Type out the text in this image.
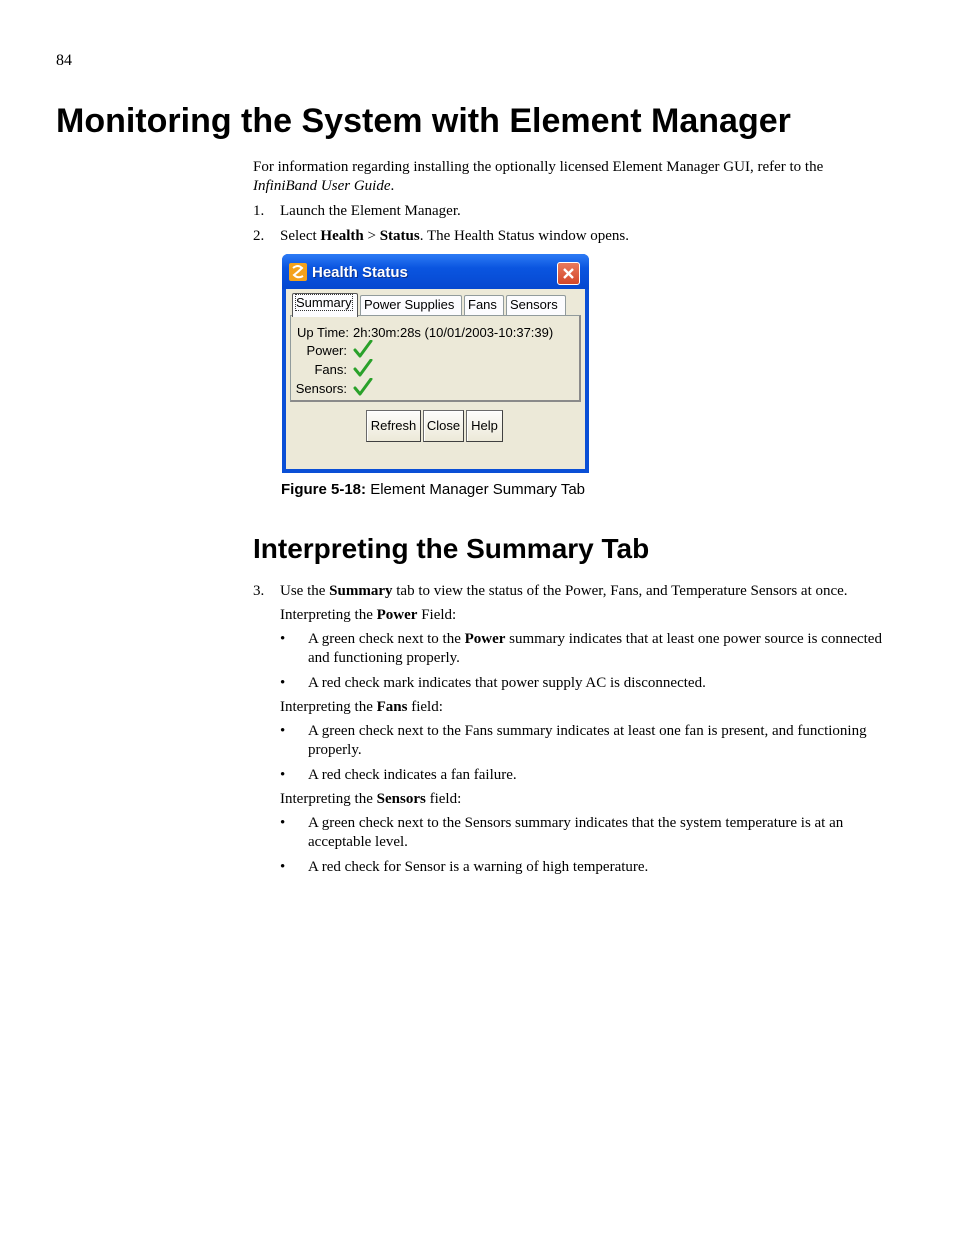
84
Monitoring the System with Element Manager
For information regarding installing the optionally licensed Element Manager GUI, refer to the
InfiniBand User Guide.
1. Launch the Element Manager.
2. Select Health > Status. The Health Status window opens.
Health Status
Summary Power Supplies	Fans	Sensors
Up Time: 2h:30m:28s (10/01/2003-10:37:39)
Power:
Fans:
Sensors:
Refresh Close Help
Figure 5-18: Element Manager Summary Tab
Interpreting the Summary Tab
3. Use the Summary tab to view the status of the Power, Fans, and Temperature Sensors at once.
Interpreting the Power Field:
• A green check next to the Power summary indicates that at least one power source is connected and functioning properly.
• A red check mark indicates that power supply AC is disconnected.
Interpreting the Fans field:
• A green check next to the Fans summary indicates at least one fan is present, and functioning properly.
• A red check indicates a fan failure.
Interpreting the Sensors field:
• A green check next to the Sensors summary indicates that the system temperature is at an acceptable level.
• A red check for Sensor is a warning of high temperature.
